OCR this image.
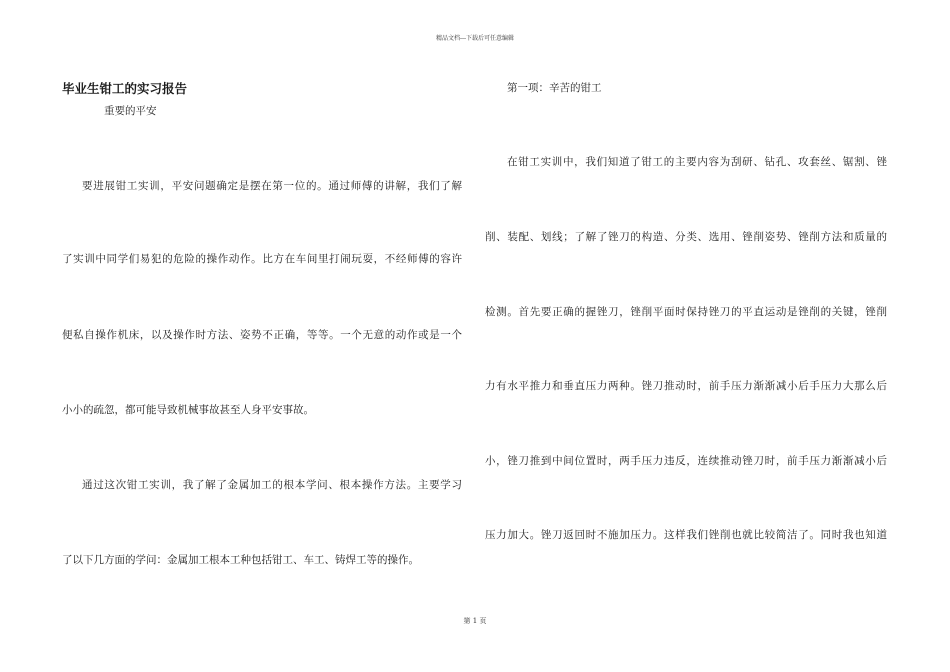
精品文档---下载后可任意编辑
毕业生钳工的实习报告
重要的平安
要进展钳工实训，平安问题确定是摆在第一位的。通过师傅的讲解，我们了解
了实训中同学们易犯的危险的操作动作。比方在车间里打闹玩耍，不经师傅的容许
便私自操作机床，以及操作时方法、姿势不正确，等等。一个无意的动作或是一个
小小的疏忽，都可能导致机械事故甚至人身平安事故。
通过这次钳工实训，我了解了金属加工的根本学问、根本操作方法。主要学习
了以下几方面的学问：金属加工根本工种包括钳工、车工、铸焊工等的操作。
第一项：辛苦的钳工
在钳工实训中，我们知道了钳工的主要内容为刮研、钻孔、攻套丝、锯割、锉
削、装配、划线；了解了锉刀的构造、分类、选用、锉削姿势、锉削方法和质量的
检测。首先要正确的握锉刀，锉削平面时保持锉刀的平直运动是锉削的关键，锉削
力有水平推力和垂直压力两种。锉刀推动时，前手压力渐渐减小后手压力大那么后
小，锉刀推到中间位置时，两手压力违反，连续推动锉刀时，前手压力渐渐减小后
压力加大。锉刀返回时不施加压力。这样我们锉削也就比较简洁了。同时我也知道
第 1 页
